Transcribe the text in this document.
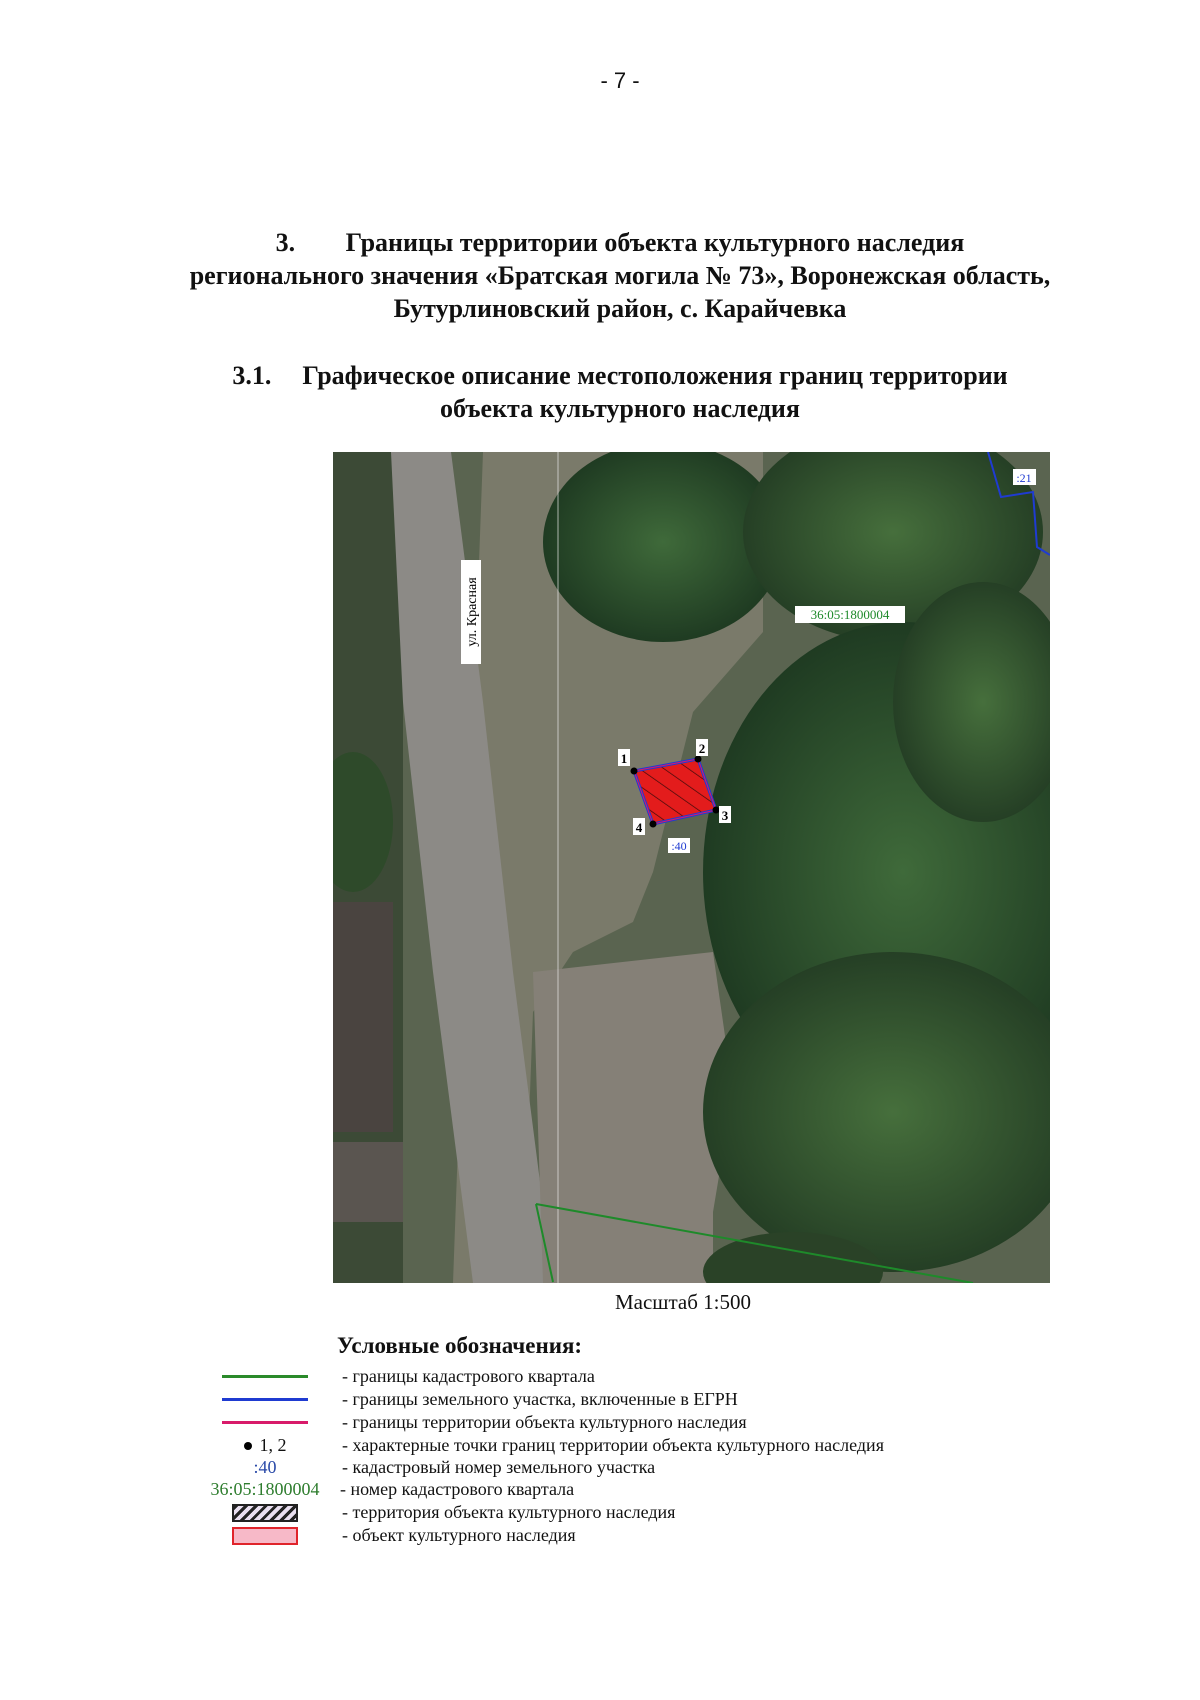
- 7 -
3. Границы территории объекта культурного наследия
регионального значения «Братская могила № 73», Воронежская область,
Бутурлиновский район, с. Карайчевка
3.1. Графическое описание местоположения границ территории
объекта культурного наследия
1
2
3
4
:40
:21
36:05:1800004
ул. Красная
Масштаб 1:500
Условные обозначения:
- границы кадастрового квартала
- границы земельного участка, включенные в ЕГРН
- границы территории объекта культурного наследия
1, 2	- характерные точки границ территории объекта культурного наследия
:40	- кадастровый номер земельного участка
36:05:1800004	- номер кадастрового квартала
- территория объекта культурного наследия
- объект культурного наследия
